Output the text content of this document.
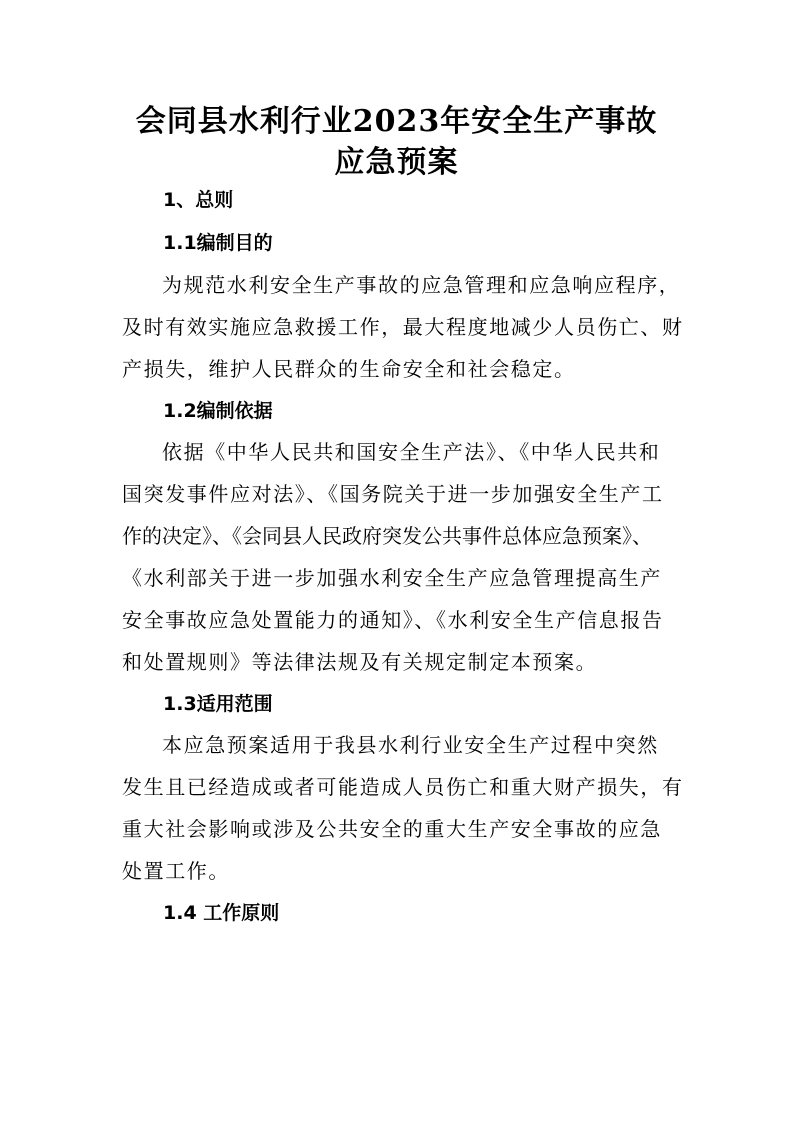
会同县水利行业2023年安全生产事故
应急预案
1、总则
1.1编制目的
为规范水利安全生产事故的应急管理和应急响应程序，
及时有效实施应急救援工作，最大程度地减少人员伤亡、财
产损失，维护人民群众的生命安全和社会稳定。
1.2编制依据
依据《中华人民共和国安全生产法》、《中华人民共和
国突发事件应对法》、《国务院关于进一步加强安全生产工
作的决定》、《会同县人民政府突发公共事件总体应急预案》、
《水利部关于进一步加强水利安全生产应急管理提高生产
安全事故应急处置能力的通知》、《水利安全生产信息报告
和处置规则》等法律法规及有关规定制定本预案。
1.3适用范围
本应急预案适用于我县水利行业安全生产过程中突然
发生且已经造成或者可能造成人员伤亡和重大财产损失，有
重大社会影响或涉及公共安全的重大生产安全事故的应急
处置工作。
1.4 工作原则
